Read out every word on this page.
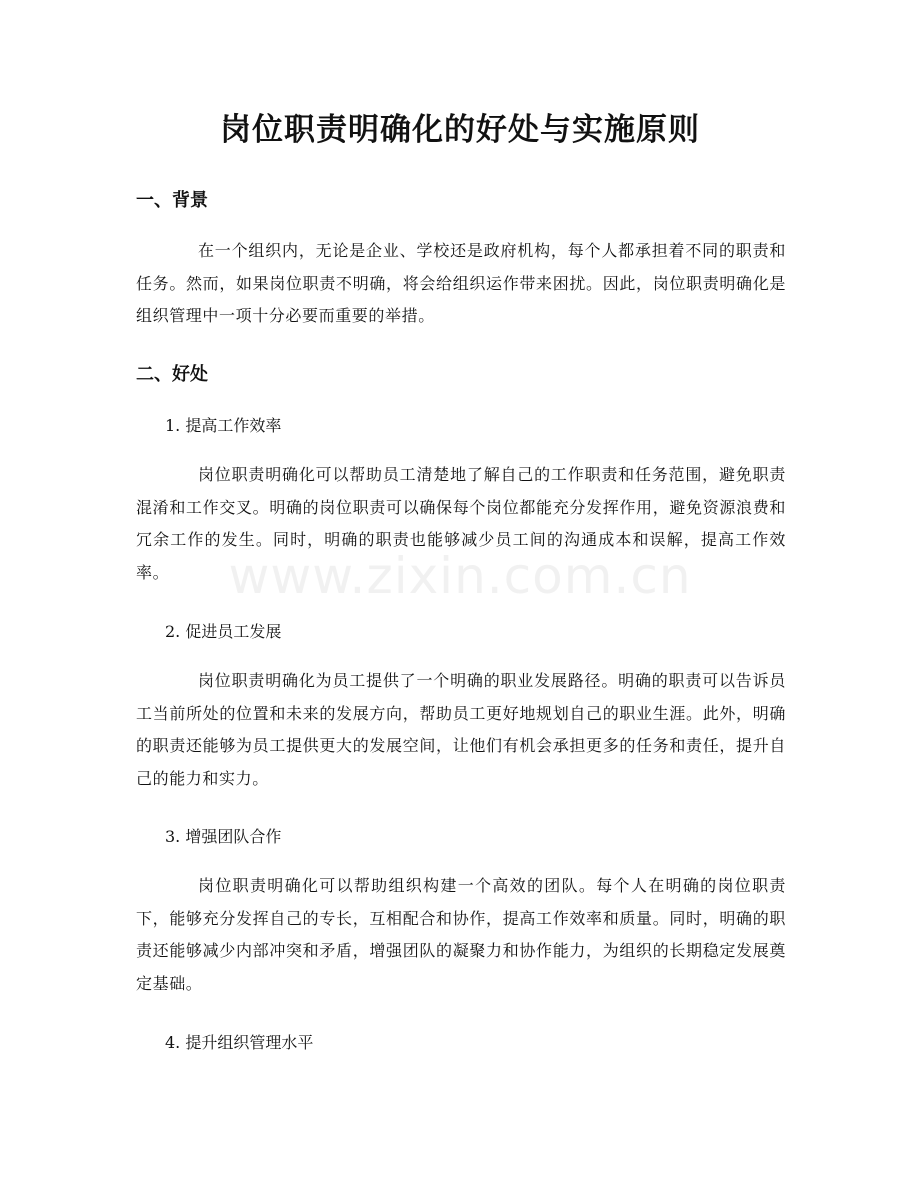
www.zixin.com.cn
岗位职责明确化的好处与实施原则
一、背景

在一个组织内，无论是企业、学校还是政府机构，每个人都承担着不同的职责和任务。然而，如果岗位职责不明确，将会给组织运作带来困扰。因此，岗位职责明确化是组织管理中一项十分必要而重要的举措。

二、好处
1. 提高工作效率

岗位职责明确化可以帮助员工清楚地了解自己的工作职责和任务范围，避免职责混淆和工作交叉。明确的岗位职责可以确保每个岗位都能充分发挥作用，避免资源浪费和冗余工作的发生。同时，明确的职责也能够减少员工间的沟通成本和误解，提高工作效率。

2. 促进员工发展

岗位职责明确化为员工提供了一个明确的职业发展路径。明确的职责可以告诉员工当前所处的位置和未来的发展方向，帮助员工更好地规划自己的职业生涯。此外，明确的职责还能够为员工提供更大的发展空间，让他们有机会承担更多的任务和责任，提升自己的能力和实力。

3. 增强团队合作

岗位职责明确化可以帮助组织构建一个高效的团队。每个人在明确的岗位职责下，能够充分发挥自己的专长，互相配合和协作，提高工作效率和质量。同时，明确的职责还能够减少内部冲突和矛盾，增强团队的凝聚力和协作能力，为组织的长期稳定发展奠定基础。

4. 提升组织管理水平
